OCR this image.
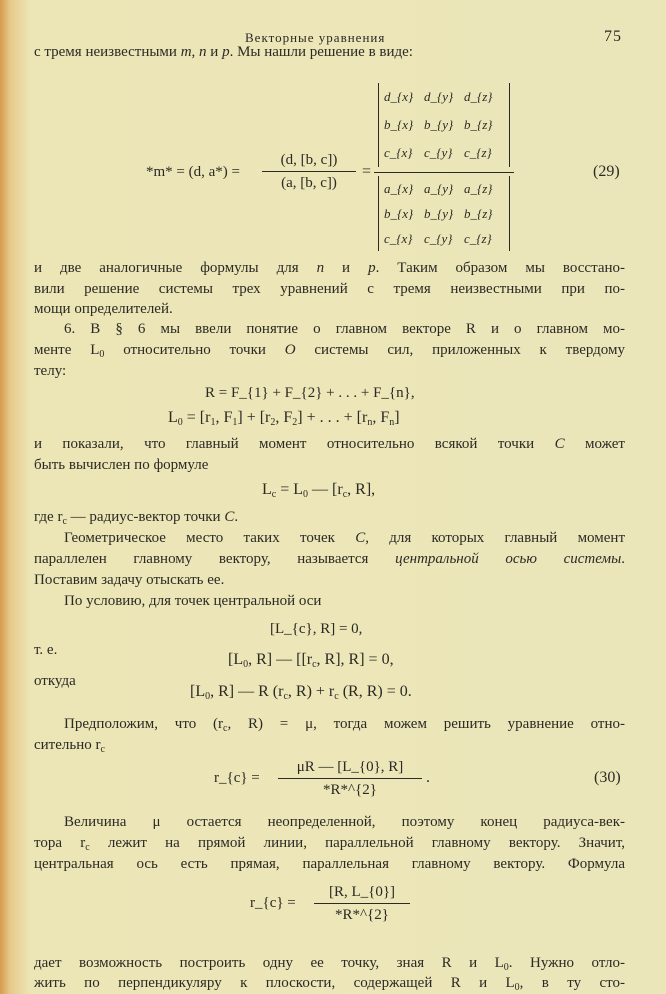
Векторные уравнения	75
с тремя неизвестными m, n и p. Мы нашли решение в виде:
*m* = (d, a*) =
(d, [b, c])
(a, [b, c])
=
d_{x} d_{y} d_{z}
b_{x} b_{y} b_{z}
c_{x} c_{y} c_{z}
a_{x} a_{y} a_{z}
b_{x} b_{y} b_{z}
c_{x} c_{y} c_{z}
(29)
и две аналогичные формулы для n и p. Таким образом мы восстано-
вили решение системы трех уравнений с тремя неизвестными при по-
мощи определителей.
6. В § 6 мы ввели понятие о главном векторе R и о главном мо-
менте $L_0$ относительно точки O системы сил, приложенных к твердому
телу:
R = F_{1} + F_{2} + . . . + F_{n},
$L_0 = [r_1$, $F_1] + [r_2$, $F_2$] + . . . + [$r_n$, $F_n$]
и показали, что главный момент относительно всякой точки C может
быть вычислен по формуле
$L_c = L_0$ — [$r_c$, R],
где $r_c$ — радиус-вектор точки C.
Геометрическое место таких точек C, для которых главный момент
параллелен главному вектору, называется центральной осью системы.
Поставим задачу отыскать ее.
По условию, для точек центральной оси
[L_{c}, R] = 0,
т. е.
[$L_0$, R] — [[$r_c$, R], R] = 0,
откуда
[$L_0$, R] — R ($r_c$, $R) + r_c$ (R, R) = 0.
Предположим, что ($r_c$, R) = μ, тогда можем решить уравнение отно-
сительно $r_c$
r_{c} =
μR — [L_{0}, R]
*R*^{2}
.	(30)
Величина μ остается неопределенной, поэтому конец радиуса-век-
тора $r_c$ лежит на прямой линии, параллельной главному вектору. Значит,
центральная ось есть прямая, параллельная главному вектору. Формула
r_{c} =
[R, L_{0}]
*R*^{2}
дает возможность построить одну ее точку, зная R и $L_0$. Нужно отло-
жить по перпендикуляру к плоскости, содержащей R и $L_0$, в ту сто-
